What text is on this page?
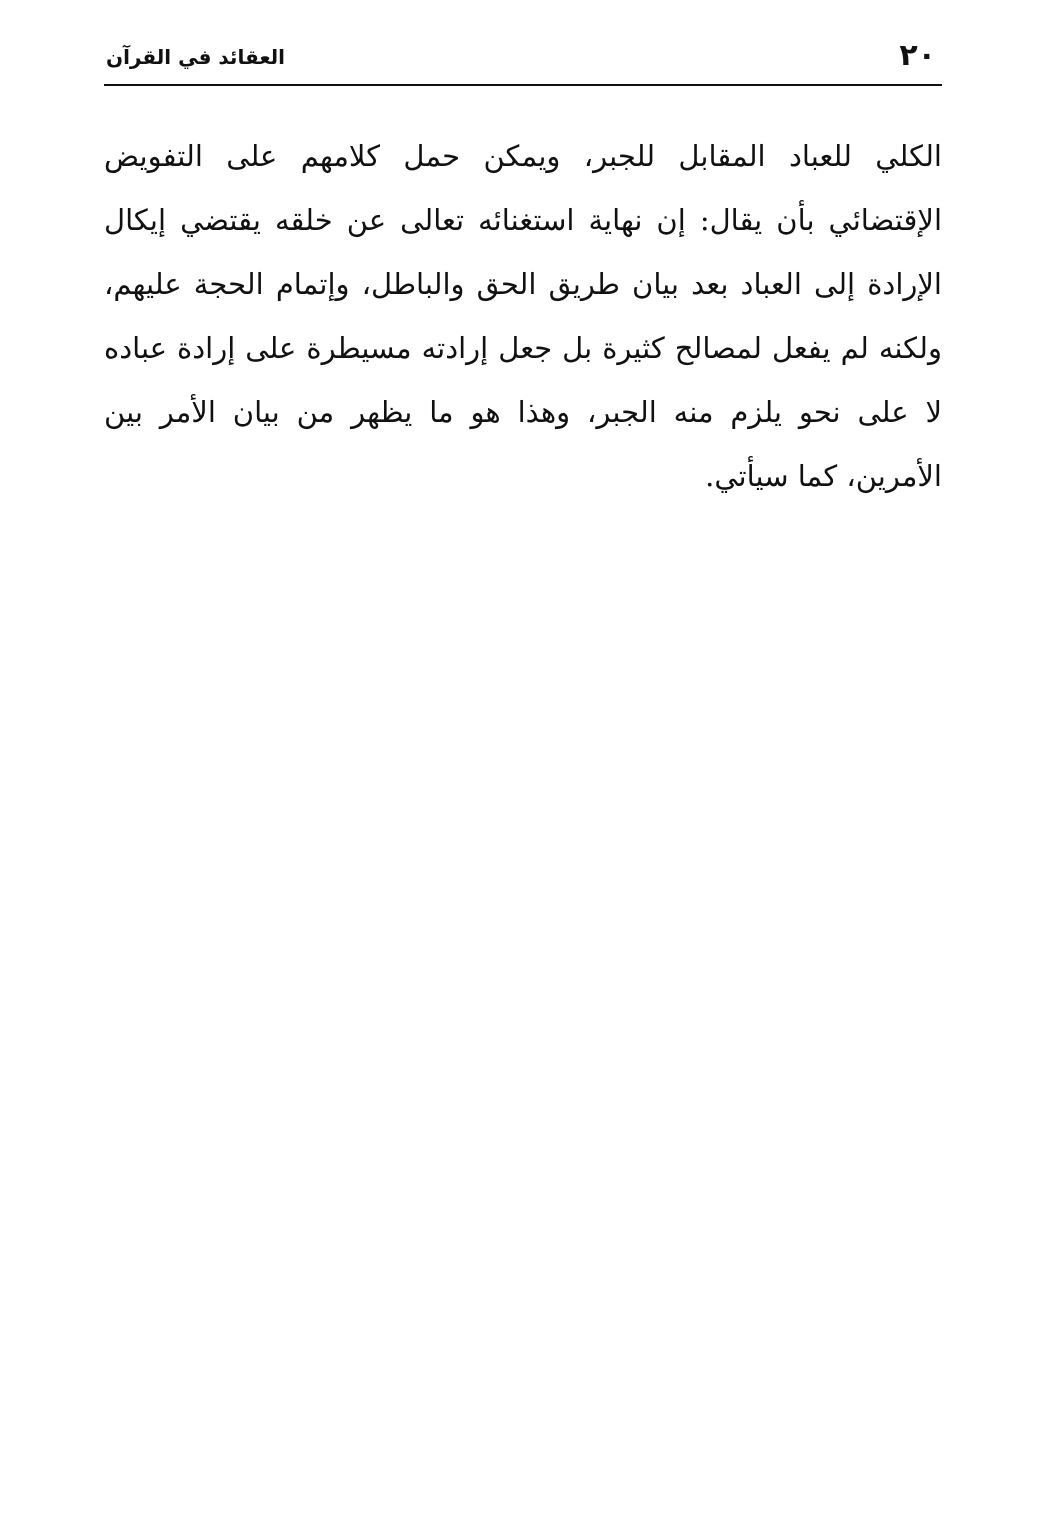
٢٠
العقائد في القرآن
الكلي للعباد المقابل للجبر، ويمكن حمل كلامهم على التفويض
الإقتضائي بأن يقال: إن نهاية استغنائه تعالى عن خلقه يقتضي إيكال
الإرادة إلى العباد بعد بيان طريق الحق والباطل، وإتمام الحجة عليهم،
ولكنه لم يفعل لمصالح كثيرة بل جعل إرادته مسيطرة على إرادة عباده
لا على نحو يلزم منه الجبر، وهذا هو ما يظهر من بيان الأمر بين
الأمرين، كما سيأتي.
